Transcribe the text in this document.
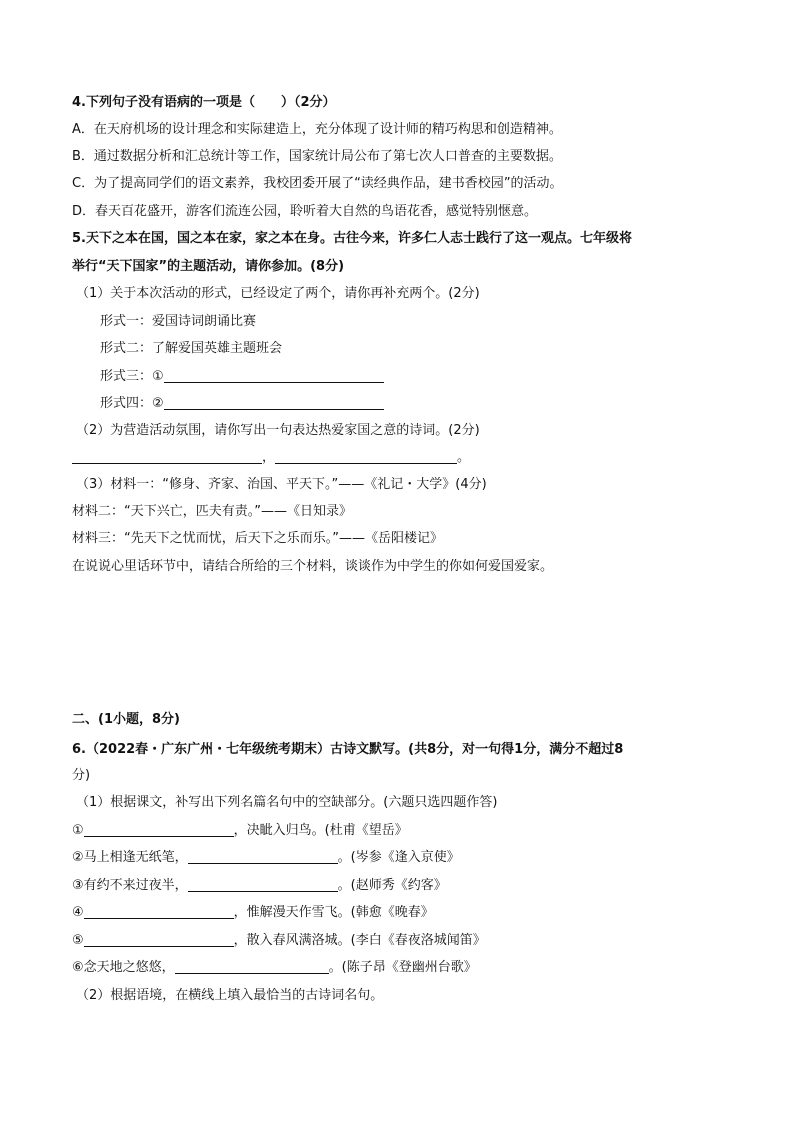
4.下列句子没有语病的一项是（　　）（2分）
A．在天府机场的设计理念和实际建造上，充分体现了设计师的精巧构思和创造精神。
B．通过数据分析和汇总统计等工作，国家统计局公布了第七次人口普查的主要数据。
C．为了提高同学们的语文素养，我校团委开展了“读经典作品，建书香校园”的活动。
D．春天百花盛开，游客们流连公园，聆听着大自然的鸟语花香，感觉特别惬意。
5.天下之本在国，国之本在家，家之本在身。古往今来，许多仁人志士践行了这一观点。七年级将
举行“天下国家”的主题活动，请你参加。(8分)
（1）关于本次活动的形式，已经设定了两个，请你再补充两个。(2分)
形式一：爱国诗词朗诵比赛
形式二：了解爱国英雄主题班会
形式三：①
形式四：②
（2）为营造活动氛围，请你写出一句表达热爱家国之意的诗词。(2分)
，	。
（3）材料一：“修身、齐家、治国、平天下。”——《礼记・大学》(4分)
材料二：“天下兴亡，匹夫有责。”——《日知录》
材料三：“先天下之忧而忧，后天下之乐而乐。”——《岳阳楼记》
在说说心里话环节中，请结合所给的三个材料，谈谈作为中学生的你如何爱国爱家。
二、(1小题，8分)
6.（2022春・广东广州・七年级统考期末）古诗文默写。(共8分，对一句得1分，满分不超过8
分)
（1）根据课文，补写出下列名篇名句中的空缺部分。(六题只选四题作答)
①	，决眦入归鸟。(杜甫《望岳》
②马上相逢无纸笔，	。(岑参《逢入京使》
③有约不来过夜半，	。(赵师秀《约客》
④	，惟解漫天作雪飞。(韩愈《晚春》
⑤	，散入春风满洛城。(李白《春夜洛城闻笛》
⑥念天地之悠悠，	。(陈子昂《登幽州台歌》
（2）根据语境，在横线上填入最恰当的古诗词名句。
